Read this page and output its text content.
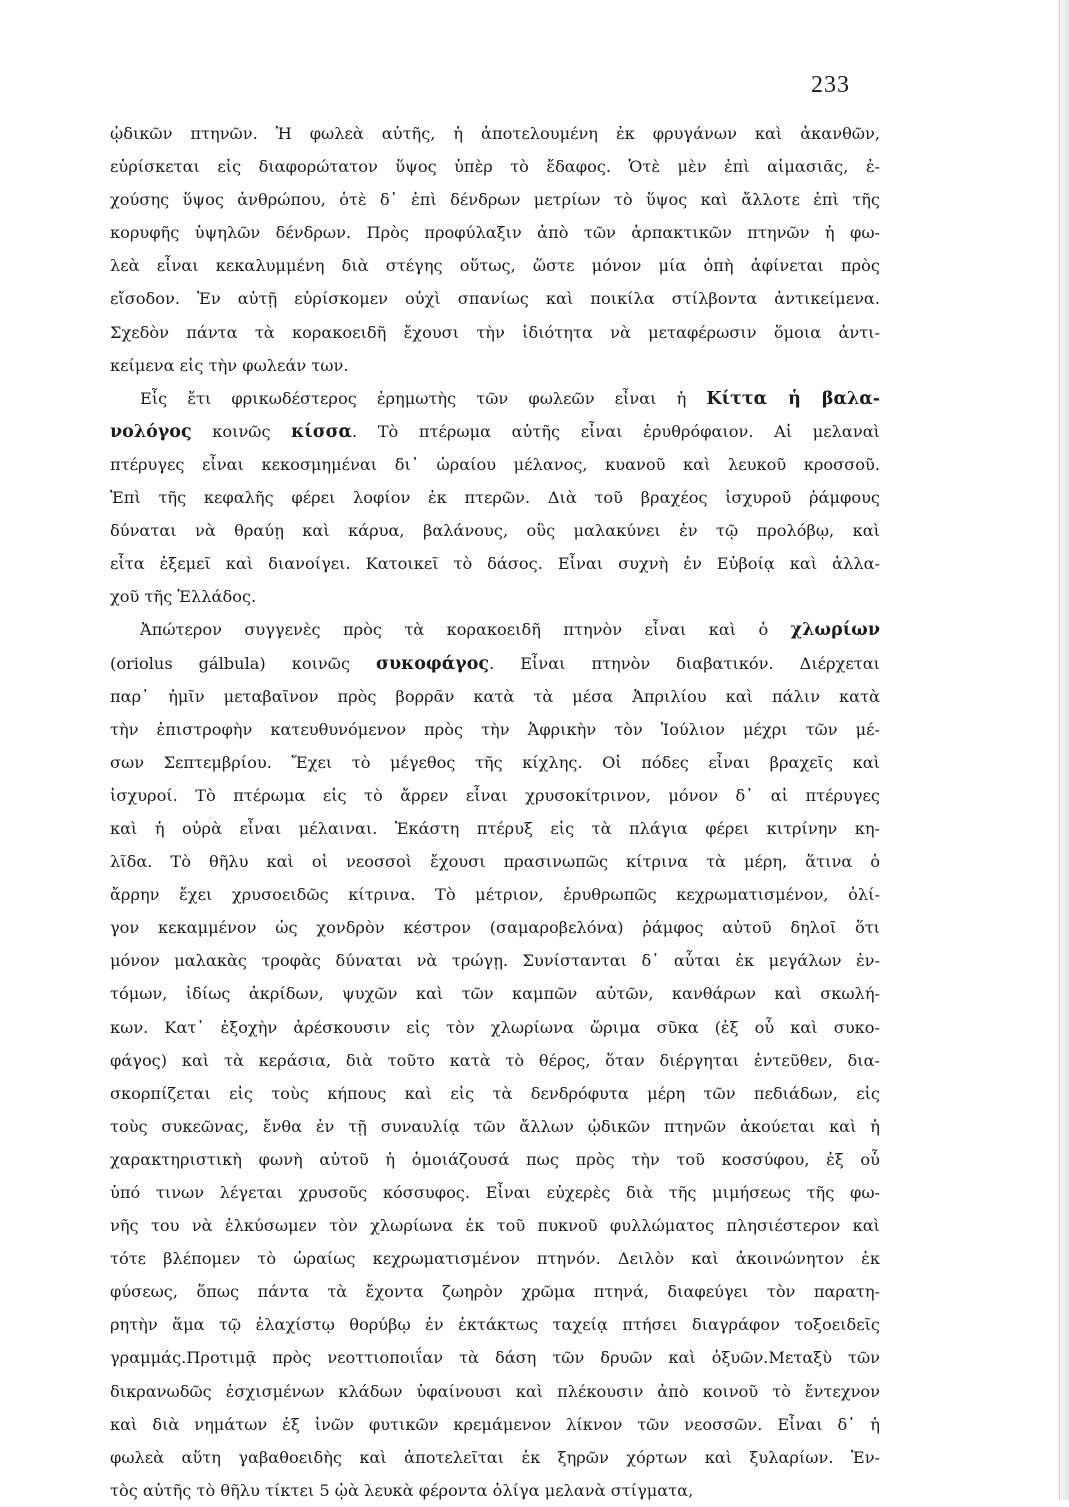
233
ᾠδικῶν πτηνῶν. Ἡ φωλεὰ αὐτῆς, ἡ ἀποτελουμένη ἐκ φρυγάνων καὶ ἀκανθῶν,
εὑρίσκεται εἰς διαφορώτατον ὕψος ὑπὲρ τὸ ἔδαφος. Ὁτὲ μὲν ἐπὶ αἱμασιᾶς, ἐ-
χούσης ὕψος ἀνθρώπου, ὁτὲ δ᾿ ἐπὶ δένδρων μετρίων τὸ ὕψος καὶ ἄλλοτε ἐπὶ τῆς
κορυφῆς ὑψηλῶν δένδρων. Πρὸς προφύλαξιν ἀπὸ τῶν ἁρπακτικῶν πτηνῶν ἡ φω-
λεὰ εἶναι κεκαλυμμένη διὰ στέγης οὕτως, ὥστε μόνον μία ὀπὴ ἀφίνεται πρὸς
εἴσοδον. Ἐν αὐτῇ εὑρίσκομεν οὐχὶ σπανίως καὶ ποικίλα στίλβοντα ἀντικείμενα.
Σχεδὸν πάντα τὰ κορακοειδῆ ἔχουσι τὴν ἰδιότητα νὰ μεταφέρωσιν ὅμοια ἀντι-
κείμενα εἰς τὴν φωλεάν των.
Εἷς ἔτι φρικωδέστερος ἐρημωτὴς τῶν φωλεῶν εἶναι ἡ Κίττα ἡ βαλα-
νολόγος κοινῶς κίσσα. Τὸ πτέρωμα αὐτῆς εἶναι ἐρυθρόφαιον. Αἱ μελαναὶ
πτέρυγες εἶναι κεκοσμημέναι δι᾿ ὡραίου μέλανος, κυανοῦ καὶ λευκοῦ κροσσοῦ.
Ἐπὶ τῆς κεφαλῆς φέρει λοφίον ἐκ πτερῶν. Διὰ τοῦ βραχέος ἰσχυροῦ ῥάμφους
δύναται νὰ θραύῃ καὶ κάρυα, βαλάνους, οὓς μαλακύνει ἐν τῷ προλόβῳ, καὶ
εἶτα ἐξεμεῖ καὶ διανοίγει. Κατοικεῖ τὸ δάσος. Εἶναι συχνὴ ἐν Εὐβοίᾳ καὶ ἀλλα-
χοῦ τῆς Ἑλλάδος.
Ἀπώτερον συγγενὲς πρὸς τὰ κορακοειδῆ πτηνὸν εἶναι καὶ ὁ χλωρίων
(oriolus gálbula) κοινῶς συκοφάγος. Εἶναι πτηνὸν διαβατικόν. Διέρχεται
παρ᾿ ἡμῖν μεταβαῖνον πρὸς βορρᾶν κατὰ τὰ μέσα Ἀπριλίου καὶ πάλιν κατὰ
τὴν ἐπιστροφὴν κατευθυνόμενον πρὸς τὴν Ἀφρικὴν τὸν Ἰούλιον μέχρι τῶν μέ-
σων Σεπτεμβρίου. Ἔχει τὸ μέγεθος τῆς κίχλης. Οἱ πόδες εἶναι βραχεῖς καὶ
ἰσχυροί. Τὸ πτέρωμα εἰς τὸ ἄρρεν εἶναι χρυσοκίτρινον, μόνον δ᾿ αἱ πτέρυγες
καὶ ἡ οὐρὰ εἶναι μέλαιναι. Ἑκάστη πτέρυξ εἰς τὰ πλάγια φέρει κιτρίνην κη-
λῖδα. Τὸ θῆλυ καὶ οἱ νεοσσοὶ ἔχουσι πρασινωπῶς κίτρινα τὰ μέρη, ἅτινα ὁ
ἄρρην ἔχει χρυσοειδῶς κίτρινα. Τὸ μέτριον, ἐρυθρωπῶς κεχρωματισμένον, ὀλί-
γον κεκαμμένον ὡς χονδρὸν κέστρον (σαμαροβελόνα) ῥάμφος αὐτοῦ δηλοῖ ὅτι
μόνον μαλακὰς τροφὰς δύναται νὰ τρώγῃ. Συνίστανται δ᾿ αὗται ἐκ μεγάλων ἐν-
τόμων, ἰδίως ἀκρίδων, ψυχῶν καὶ τῶν καμπῶν αὐτῶν, κανθάρων καὶ σκωλή-
κων. Κατ᾿ ἐξοχὴν ἀρέσκουσιν εἰς τὸν χλωρίωνα ὥριμα σῦκα (ἐξ οὗ καὶ συκο-
φάγος) καὶ τὰ κεράσια, διὰ τοῦτο κατὰ τὸ θέρος, ὅταν διέργηται ἐντεῦθεν, δια-
σκορπίζεται εἰς τοὺς κήπους καὶ εἰς τὰ δενδρόφυτα μέρη τῶν πεδιάδων, εἰς
τοὺς συκεῶνας, ἔνθα ἐν τῇ συναυλίᾳ τῶν ἄλλων ᾠδικῶν πτηνῶν ἀκούεται καὶ ἡ
χαρακτηριστικὴ φωνὴ αὐτοῦ ἡ ὁμοιάζουσά πως πρὸς τὴν τοῦ κοσσύφου, ἐξ οὗ
ὑπό τινων λέγεται χρυσοῦς κόσσυφος. Εἶναι εὐχερὲς διὰ τῆς μιμήσεως τῆς φω-
νῆς του νὰ ἑλκύσωμεν τὸν χλωρίωνα ἐκ τοῦ πυκνοῦ φυλλώματος πλησιέστερον καὶ
τότε βλέπομεν τὸ ὡραίως κεχρωματισμένον πτηνόν. Δειλὸν καὶ ἀκοινώνητον ἐκ
φύσεως, ὅπως πάντα τὰ ἔχοντα ζωηρὸν χρῶμα πτηνά, διαφεύγει τὸν παρατη-
ρητὴν ἅμα τῷ ἐλαχίστῳ θορύβῳ ἐν ἐκτάκτως ταχείᾳ πτήσει διαγράφον τοξοειδεῖς
γραμμάς.Προτιμᾷ πρὸς νεοττιοποιΐαν τὰ δάση τῶν δρυῶν καὶ ὀξυῶν.Μεταξὺ τῶν
δικρανωδῶς ἐσχισμένων κλάδων ὑφαίνουσι καὶ πλέκουσιν ἀπὸ κοινοῦ τὸ ἔντεχνον
καὶ διὰ νημάτων ἐξ ἰνῶν φυτικῶν κρεμάμενον λίκνον τῶν νεοσσῶν. Εἶναι δ᾿ ἡ
φωλεὰ αὕτη γαβαθοειδὴς καὶ ἀποτελεῖται ἐκ ξηρῶν χόρτων καὶ ξυλαρίων. Ἐν-
τὸς αὐτῆς τὸ θῆλυ τίκτει 5 ᾠὰ λευκὰ φέροντα ὀλίγα μελανὰ στίγματα,
